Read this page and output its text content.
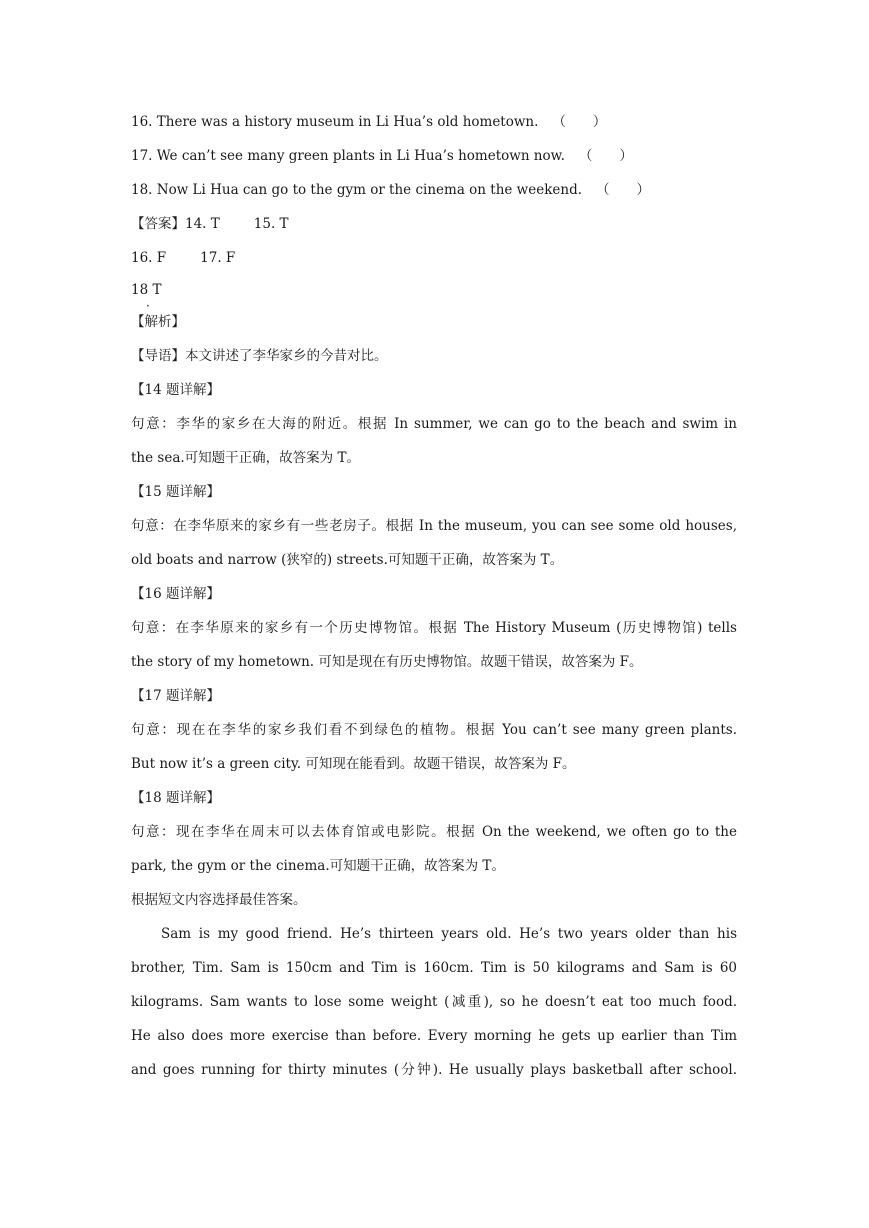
16. There was a history museum in Li Hua’s old hometown. （　　）
17. We can’t see many green plants in Li Hua’s hometown now. （　　）
18. Now Li Hua can go to the gym or the cinema on the weekend. （　　）
【答案】14. T	15. T
16. F	17. F
18 T
·
【解析】
【导语】本文讲述了李华家乡的今昔对比。
【14 题详解】
句意：李华的家乡在大海的附近。根据 In summer, we can go to the beach and swim in
the sea.可知题干正确，故答案为 T。
【15 题详解】
句意：在李华原来的家乡有一些老房子。根据 In the museum, you can see some old houses,
old boats and narrow (狭窄的) streets.可知题干正确，故答案为 T。
【16 题详解】
句意：在李华原来的家乡有一个历史博物馆。根据 The History Museum (历史博物馆) tells
the story of my hometown. 可知是现在有历史博物馆。故题干错误，故答案为 F。
【17 题详解】
句意：现在在李华的家乡我们看不到绿色的植物。根据 You can’t see many green plants.
But now it’s a green city. 可知现在能看到。故题干错误，故答案为 F。
【18 题详解】
句意：现在李华在周末可以去体育馆或电影院。根据 On the weekend, we often go to the
park, the gym or the cinema.可知题干正确，故答案为 T。
根据短文内容选择最佳答案。
Sam is my good friend. He’s thirteen years old. He’s two years older than his
brother, Tim. Sam is 150cm and Tim is 160cm. Tim is 50 kilograms and Sam is 60
kilograms. Sam wants to lose some weight (减重), so he doesn’t eat too much food.
He also does more exercise than before. Every morning he gets up earlier than Tim
and goes running for thirty minutes (分钟). He usually plays basketball after school.
